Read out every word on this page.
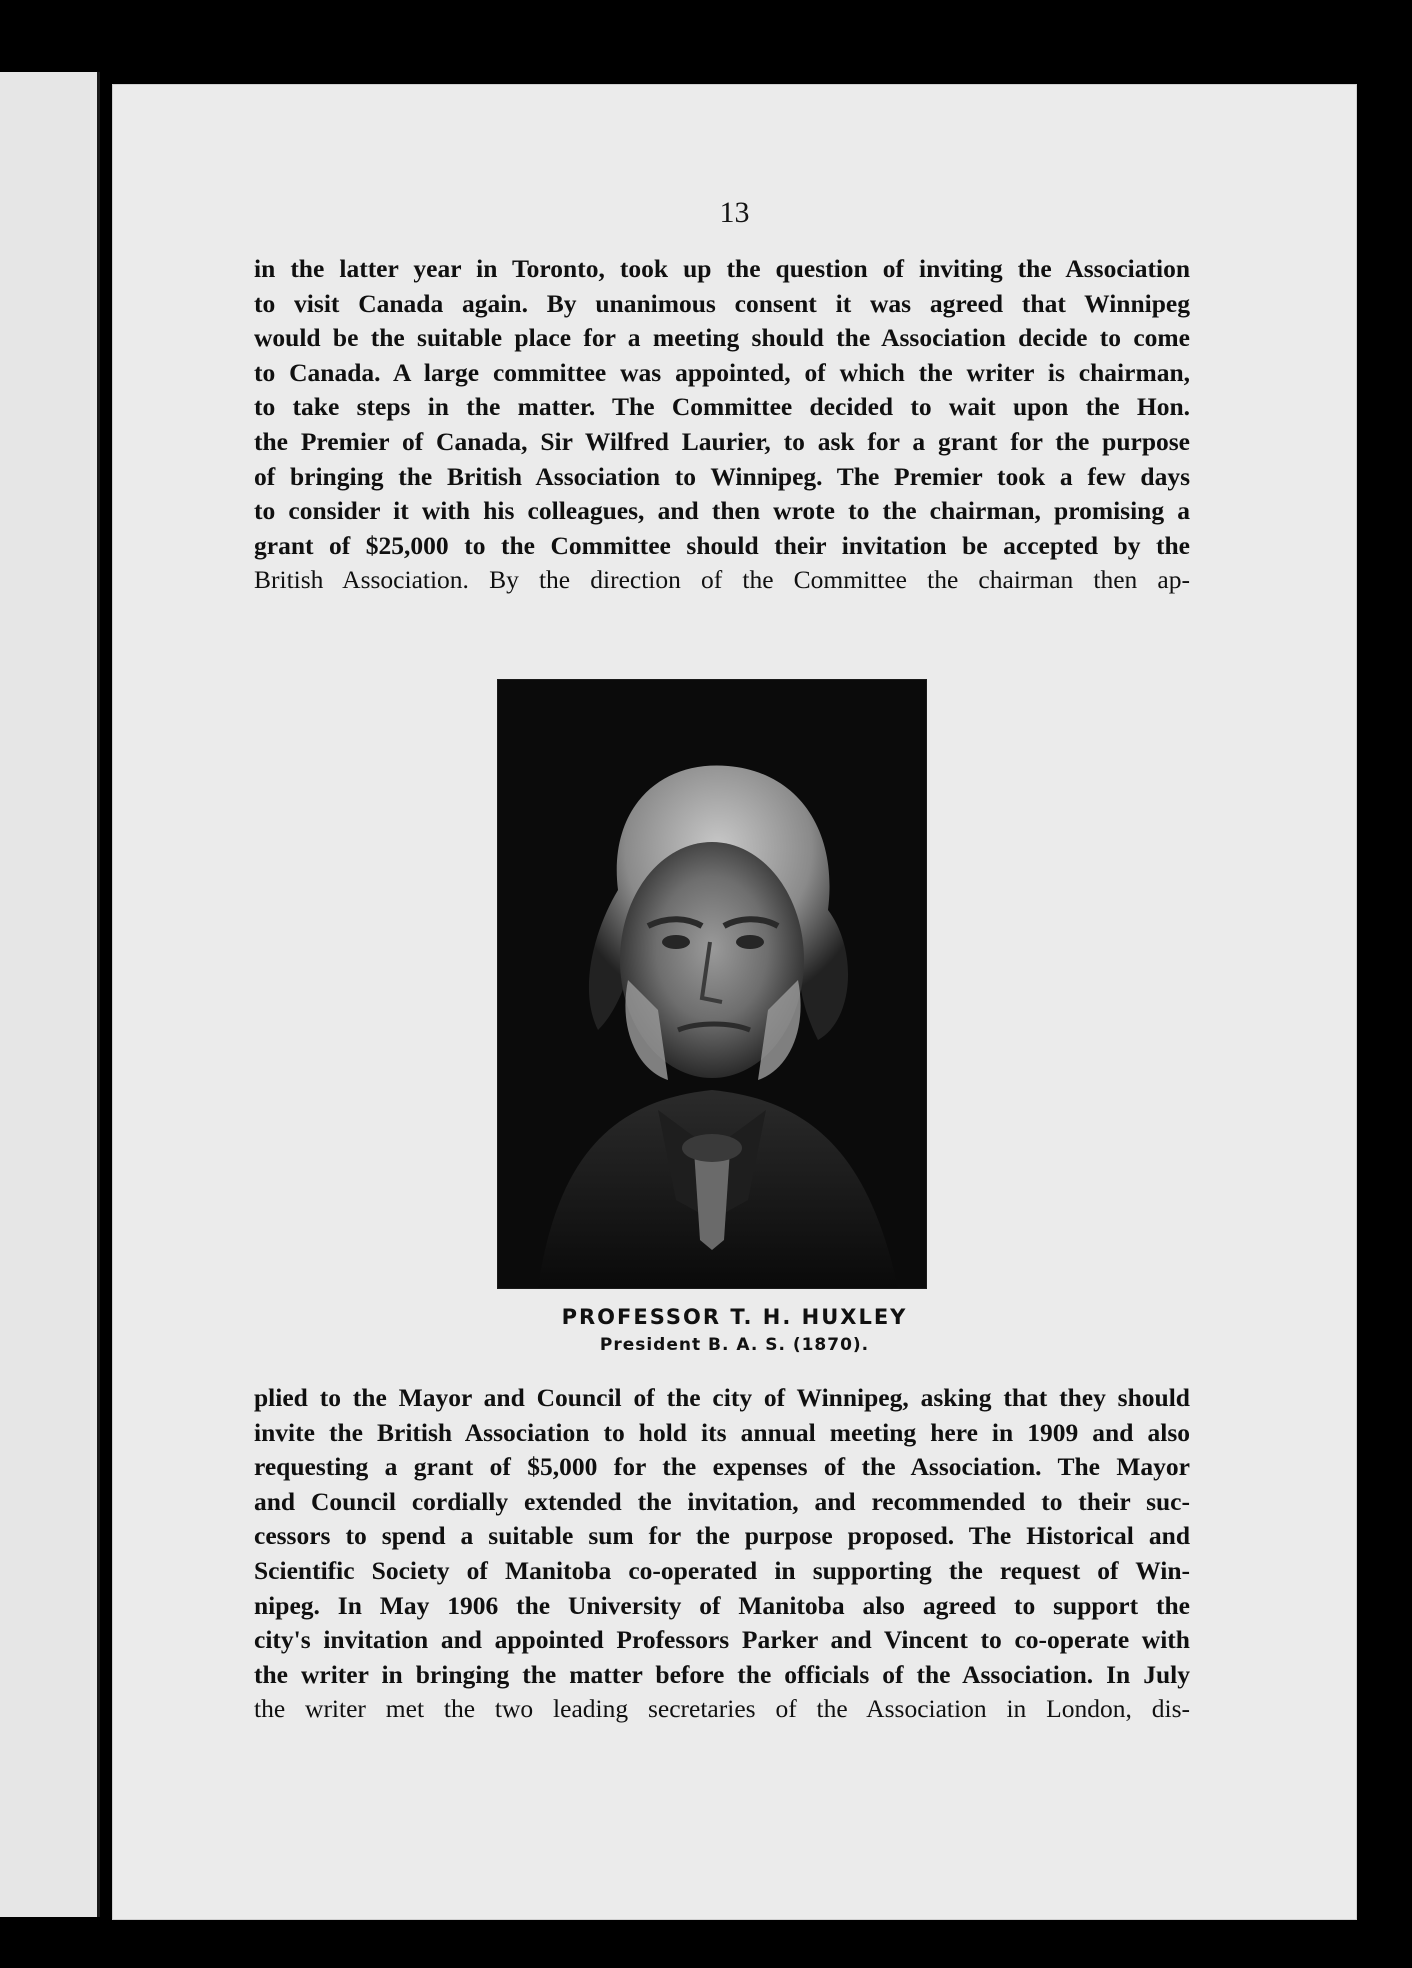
13
in the latter year in Toronto, took up the question of inviting the Association
to visit Canada again. By unanimous consent it was agreed that Winnipeg
would be the suitable place for a meeting should the Association decide to come
to Canada. A large committee was appointed, of which the writer is chairman,
to take steps in the matter. The Committee decided to wait upon the Hon.
the Premier of Canada, Sir Wilfred Laurier, to ask for a grant for the purpose
of bringing the British Association to Winnipeg. The Premier took a few days
to consider it with his colleagues, and then wrote to the chairman, promising a
grant of $25,000 to the Committee should their invitation be accepted by the
British Association. By the direction of the Committee the chairman then ap-
PROFESSOR T. H. HUXLEY
President B. A. S. (1870).
plied to the Mayor and Council of the city of Winnipeg, asking that they should
invite the British Association to hold its annual meeting here in 1909 and also
requesting a grant of $5,000 for the expenses of the Association. The Mayor
and Council cordially extended the invitation, and recommended to their suc-
cessors to spend a suitable sum for the purpose proposed. The Historical and
Scientific Society of Manitoba co-operated in supporting the request of Win-
nipeg. In May 1906 the University of Manitoba also agreed to support the
city's invitation and appointed Professors Parker and Vincent to co-operate with
the writer in bringing the matter before the officials of the Association. In July
the writer met the two leading secretaries of the Association in London, dis-
